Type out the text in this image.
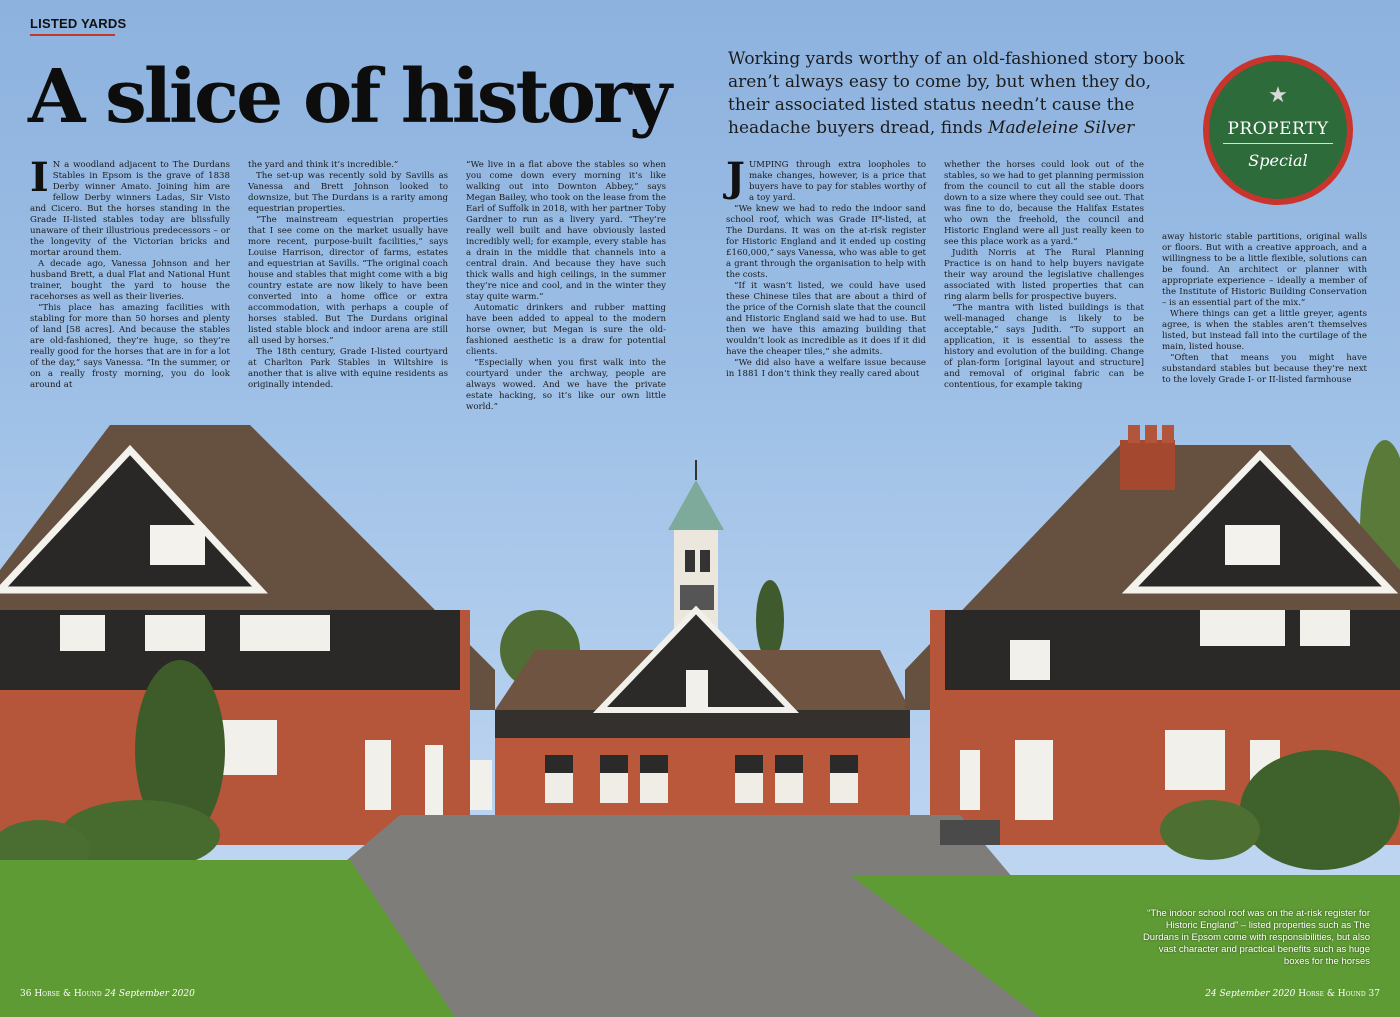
LISTED YARDS
A slice of history	Working yards worthy of an old-fashioned story book aren’t always easy to come by, but when they do, their associated listed status needn’t cause the headache buyers dread, finds Madeleine Silver
★
PROPERTY
Special

I N a woodland adjacent to The Durdans Stables in Epsom is the grave of 1838 Derby winner Amato. Joining him are fellow Derby winners Ladas, Sir Visto and Cicero. But the horses standing in the Grade II-listed stables today are blissfully unaware of their illustrious predecessors – or the longevity of the Victorian bricks and mortar around them.

A decade ago, Vanessa Johnson and her husband Brett, a dual Flat and National Hunt trainer, bought the yard to house the racehorses as well as their liveries.

“This place has amazing facilities with stabling for more than 50 horses and plenty of land [58 acres]. And because the stables are old-fashioned, they’re huge, so they’re really good for the horses that are in for a lot of the day,” says Vanessa. “In the summer, or on a really frosty morning, you do look around at

the yard and think it’s incredible.”

The set-up was recently sold by Savills as Vanessa and Brett Johnson looked to downsize, but The Durdans is a rarity among equestrian properties.

“The mainstream equestrian properties that I see come on the market usually have more recent, purpose-built facilities,” says Louise Harrison, director of farms, estates and equestrian at Savills. “The original coach house and stables that might come with a big country estate are now likely to have been converted into a home office or extra accommodation, with perhaps a couple of horses stabled. But The Durdans original listed stable block and indoor arena are still all used by horses.”

The 18th century, Grade I-listed courtyard at Charlton Park Stables in Wiltshire is another that is alive with equine residents as originally intended.

“We live in a flat above the stables so when you come down every morning it’s like walking out into Downton Abbey,” says Megan Bailey, who took on the lease from the Earl of Suffolk in 2018, with her partner Toby Gardner to run as a livery yard. “They’re really well built and have obviously lasted incredibly well; for example, every stable has a drain in the middle that channels into a central drain. And because they have such thick walls and high ceilings, in the summer they’re nice and cool, and in the winter they stay quite warm.”

Automatic drinkers and rubber matting have been added to appeal to the modern horse owner, but Megan is sure the old-fashioned aesthetic is a draw for potential clients.

“Especially when you first walk into the courtyard under the archway, people are always wowed. And we have the private estate hacking, so it’s like our own little world.”

JUMPING through extra loopholes to make changes, however, is a price that buyers have to pay for stables worthy of a toy yard.

“We knew we had to redo the indoor sand school roof, which was Grade II*-listed, at The Durdans. It was on the at-risk register for Historic England and it ended up costing £160,000,” says Vanessa, who was able to get a grant through the organisation to help with the costs.

“If it wasn’t listed, we could have used these Chinese tiles that are about a third of the price of the Cornish slate that the council and Historic England said we had to use. But then we have this amazing building that wouldn’t look as incredible as it does if it did have the cheaper tiles,” she admits.

“We did also have a welfare issue because in 1881 I don’t think they really cared about

whether the horses could look out of the stables, so we had to get planning permission from the council to cut all the stable doors down to a size where they could see out. That was fine to do, because the Halifax Estates who own the freehold, the council and Historic England were all just really keen to see this place work as a yard.”

Judith Norris at The Rural Planning Practice is on hand to help buyers navigate their way around the legislative challenges associated with listed properties that can ring alarm bells for prospective buyers.

“The mantra with listed buildings is that well-managed change is likely to be acceptable,” says Judith. “To support an application, it is essential to assess the history and evolution of the building. Change of plan-form [original layout and structure] and removal of original fabric can be contentious, for example taking

away historic stable partitions, original walls or floors. But with a creative approach, and a willingness to be a little flexible, solutions can be found. An architect or planner with appropriate experience – ideally a member of the Institute of Historic Building Conservation – is an essential part of the mix.”

Where things can get a little greyer, agents agree, is when the stables aren’t themselves listed, but instead fall into the curtilage of the main, listed house.

“Often that means you might have substandard stables but because they’re next to the lovely Grade I- or II-listed farmhouse

“The indoor school roof was on the at-risk register for Historic England” – listed properties such as The Durdans in Epsom come with responsibilities, but also vast character and practical benefits such as huge boxes for the horses
36 Horse & Hound 24 September 2020	24 September 2020 Horse & Hound 37
